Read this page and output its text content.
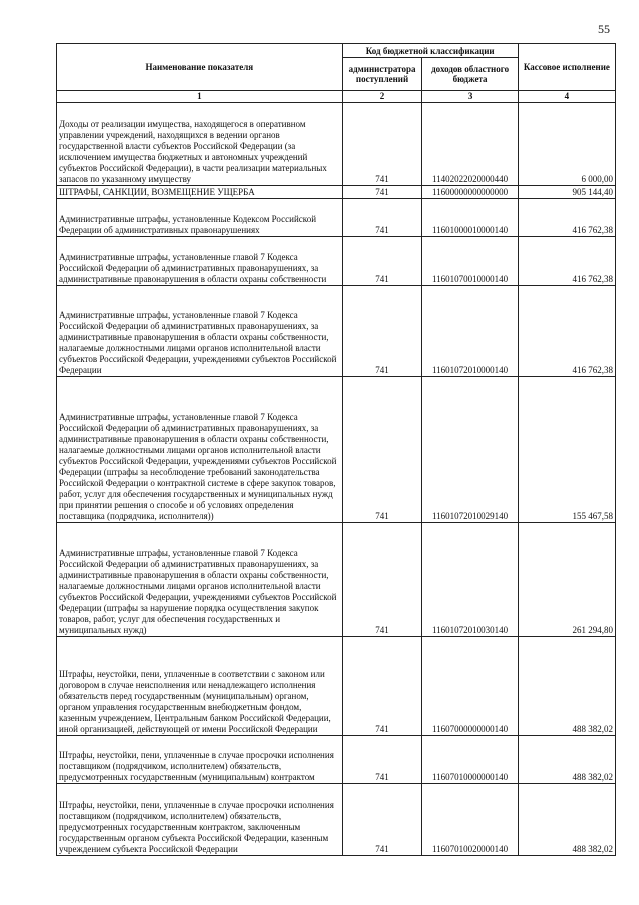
55
Наименование показателя	Код бюджетной классификации		Кассовое исполнение
	администратора поступлений	доходов областного бюджета	
1	2	3	4

Доходы от реализации имущества, находящегося в оперативном управлении учреждений, находящихся в ведении органов государственной власти субъектов Российской Федерации (за исключением имущества бюджетных и автономных учреждений субъектов Российской Федерации), в части реализации материальных запасов по указанному имуществу	741	11402022020000440	6 000,00
ШТРАФЫ, САНКЦИИ, ВОЗМЕЩЕНИЕ УЩЕРБА	741	11600000000000000	905 144,40

Административные штрафы, установленные Кодексом Российской Федерации об административных правонарушениях	741	11601000010000140	416 762,38
Административные штрафы, установленные главой 7 Кодекса Российской Федерации об административных правонарушениях, за административные правонарушения в области охраны собственности	741	11601070010000140	416 762,38

Административные штрафы, установленные главой 7 Кодекса Российской Федерации об административных правонарушениях, за административные правонарушения в области охраны собственности, налагаемые должностными лицами органов исполнительной власти субъектов Российской Федерации, учреждениями субъектов Российской Федерации	741	11601072010000140	416 762,38

Административные штрафы, установленные главой 7 Кодекса Российской Федерации об административных правонарушениях, за административные правонарушения в области охраны собственности, налагаемые должностными лицами органов исполнительной власти субъектов Российской Федерации, учреждениями субъектов Российской Федерации (штрафы за несоблюдение требований законодательства Российской Федерации о контрактной системе в сфере закупок товаров, работ, услуг для обеспечения государственных и муниципальных нужд при принятии решения о способе и об условиях определения поставщика (подрядчика, исполнителя))	741	11601072010029140	155 467,58

Административные штрафы, установленные главой 7 Кодекса Российской Федерации об административных правонарушениях, за административные правонарушения в области охраны собственности, налагаемые должностными лицами органов исполнительной власти субъектов Российской Федерации, учреждениями субъектов Российской Федерации (штрафы за нарушение порядка осуществления закупок товаров, работ, услуг для обеспечения государственных и муниципальных нужд)	741	11601072010030140	261 294,80

Штрафы, неустойки, пени, уплаченные в соответствии с законом или договором в случае неисполнения или ненадлежащего исполнения обязательств перед государственным (муниципальным) органом, органом управления государственным внебюджетным фондом, казенным учреждением, Центральным банком Российской Федерации, иной организацией, действующей от имени Российской Федерации	741	11607000000000140	488 382,02
Штрафы, неустойки, пени, уплаченные в случае просрочки исполнения поставщиком (подрядчиком, исполнителем) обязательств, предусмотренных государственным (муниципальным) контрактом	741	11607010000000140	488 382,02
Штрафы, неустойки, пени, уплаченные в случае просрочки исполнения поставщиком (подрядчиком, исполнителем) обязательств, предусмотренных государственным контрактом, заключенным государственным органом субъекта Российской Федерации, казенным учреждением субъекта Российской Федерации	741	11607010020000140	488 382,02
